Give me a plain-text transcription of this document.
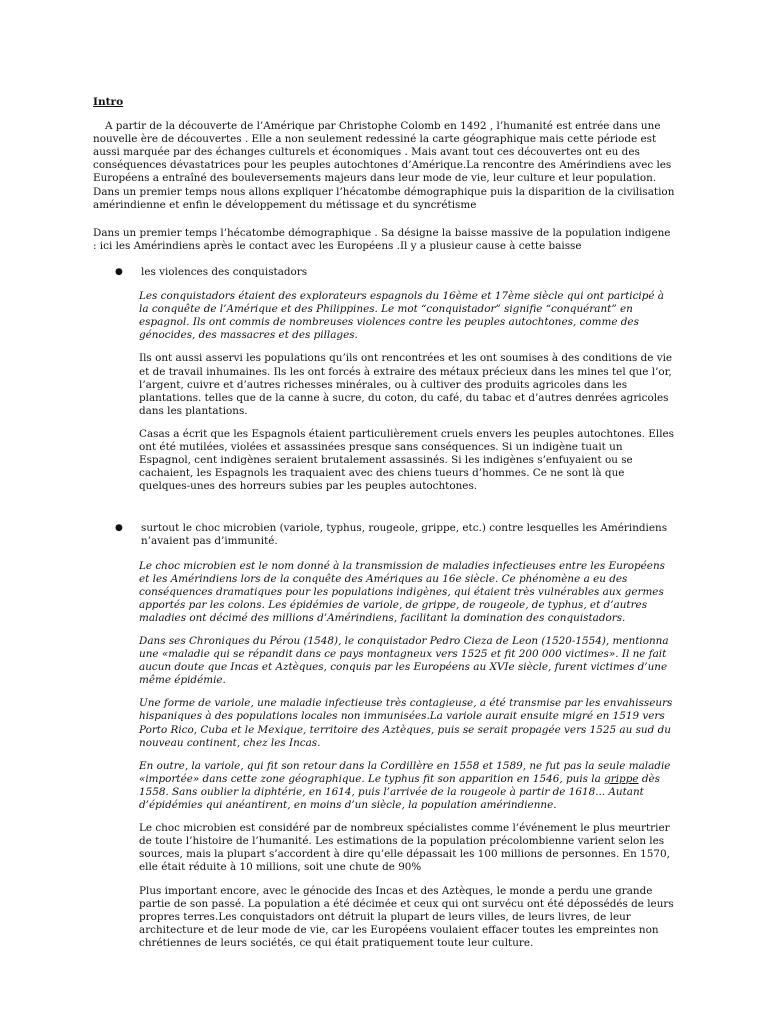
Intro

A partir de la découverte de l’Amérique par Christophe Colomb en 1492 , l’humanité est entrée dans une nouvelle ère de découvertes . Elle a non seulement redessiné la carte géographique mais cette période est aussi marquée par des échanges culturels et économiques . Mais avant tout ces découvertes ont eu des conséquences dévastatrices pour les peuples autochtones d’Amérique.La rencontre des Amérindiens avec les Européens a entraîné des bouleversements majeurs dans leur mode de vie, leur culture et leur population. Dans un premier temps nous allons expliquer l’hécatombe démographique puis la disparition de la civilisation amérindienne et enfin le développement du métissage et du syncrétisme

Dans un premier temps l’hécatombe démographique . Sa désigne la baisse massive de la population indigene : ici les Amérindiens après le contact avec les Européens .Il y a plusieur cause à cette baisse

●	les violences des conquistadors

Les conquistadors étaient des explorateurs espagnols du 16ème et 17ème siècle qui ont participé à la conquête de l’Amérique et des Philippines. Le mot “conquistador” signifie “conquérant” en espagnol. Ils ont commis de nombreuses violences contre les peuples autochtones, comme des génocides, des massacres et des pillages.

Ils ont aussi asservi les populations qu’ils ont rencontrées et les ont soumises à des conditions de vie et de travail inhumaines. Ils les ont forcés à extraire des métaux précieux dans les mines tel que l’or, l’argent, cuivre et d’autres richesses minérales, ou à cultiver des produits agricoles dans les plantations. telles que de la canne à sucre, du coton, du café, du tabac et d’autres denrées agricoles dans les plantations.

Casas a écrit que les Espagnols étaient particulièrement cruels envers les peuples autochtones. Elles ont été mutilées, violées et assassinées presque sans conséquences. Si un indigène tuait un Espagnol, cent indigènes seraient brutalement assassinés. Si les indigènes s’enfuyaient ou se cachaient, les Espagnols les traquaient avec des chiens tueurs d’hommes. Ce ne sont là que quelques-unes des horreurs subies par les peuples autochtones.

●	surtout le choc microbien (variole, typhus, rougeole, grippe, etc.) contre lesquelles les Amérindiens n’avaient pas d’immunité.

Le choc microbien est le nom donné à la transmission de maladies infectieuses entre les Européens et les Amérindiens lors de la conquête des Amériques au 16e siècle. Ce phénomène a eu des conséquences dramatiques pour les populations indigènes, qui étaient très vulnérables aux germes apportés par les colons. Les épidémies de variole, de grippe, de rougeole, de typhus, et d’autres maladies ont décimé des millions d’Amérindiens, facilitant la domination des conquistadors.

Dans ses Chroniques du Pérou (1548), le conquistador Pedro Cieza de Leon (1520-1554), mentionna une «maladie qui se répandit dans ce pays montagneux vers 1525 et fit 200 000 victimes». Il ne fait aucun doute que Incas et Aztèques, conquis par les Européens au XVIe siècle, furent victimes d’une même épidémie.

Une forme de variole, une maladie infectieuse très contagieuse, a été transmise par les envahisseurs hispaniques à des populations locales non immunisées.La variole aurait ensuite migré en 1519 vers Porto Rico, Cuba et le Mexique, territoire des Aztèques, puis se serait propagée vers 1525 au sud du nouveau continent, chez les Incas.

En outre, la variole, qui fit son retour dans la Cordillère en 1558 et 1589, ne fut pas la seule maladie «importée» dans cette zone géographique. Le typhus fit son apparition en 1546, puis la grippe dès 1558. Sans oublier la diphtérie, en 1614, puis l’arrivée de la rougeole à partir de 1618... Autant d’épidémies qui anéantirent, en moins d’un siècle, la population amérindienne.

Le choc microbien est considéré par de nombreux spécialistes comme l’événement le plus meurtrier de toute l’histoire de l’humanité. Les estimations de la population précolombienne varient selon les sources, mais la plupart s’accordent à dire qu’elle dépassait les 100 millions de personnes. En 1570, elle était réduite à 10 millions, soit une chute de 90%

Plus important encore, avec le génocide des Incas et des Aztèques, le monde a perdu une grande partie de son passé. La population a été décimée et ceux qui ont survécu ont été dépossédés de leurs propres terres.Les conquistadors ont détruit la plupart de leurs villes, de leurs livres, de leur architecture et de leur mode de vie, car les Européens voulaient effacer toutes les empreintes non chrétiennes de leurs sociétés, ce qui était pratiquement toute leur culture.
